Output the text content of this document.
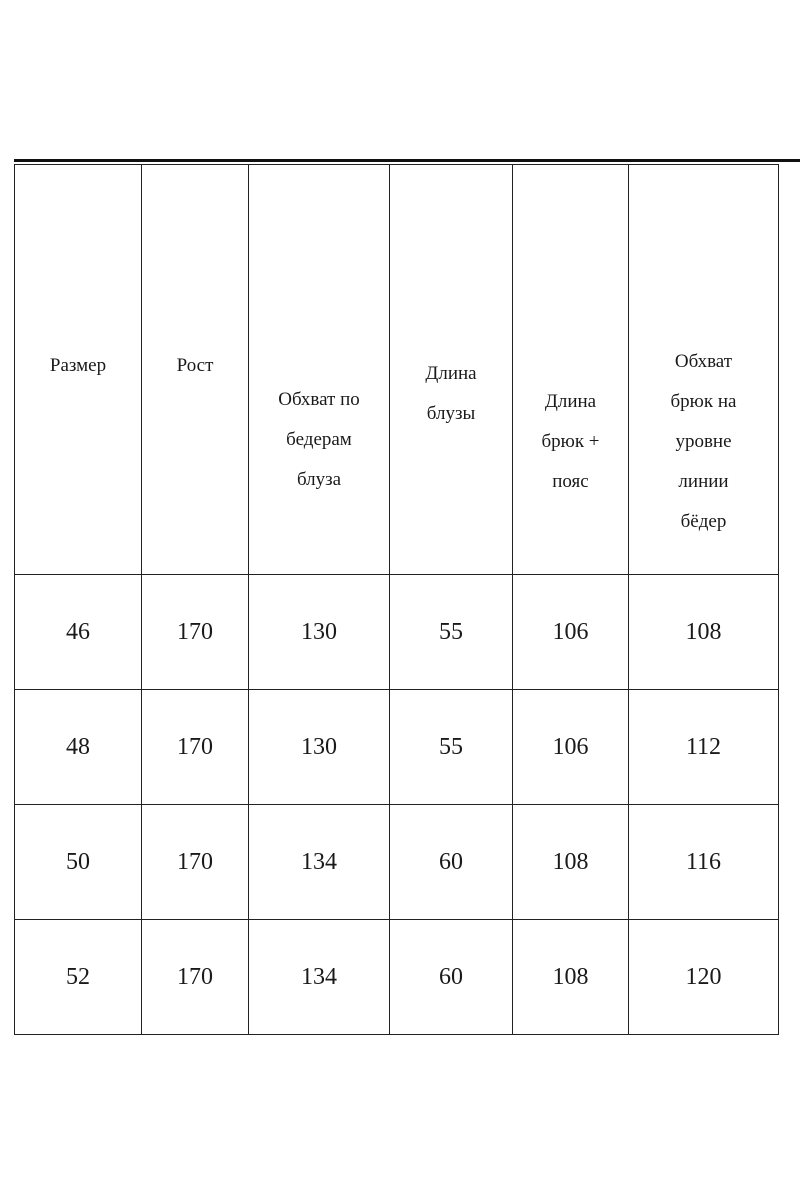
Размер	Рост	Обхват по бедерам блуза	Длина блузы	Длина брюк + пояс	Обхват брюк на уровне линии бёдер
46	170	130	55	106	108
48	170	130	55	106	112
50	170	134	60	108	116
52	170	134	60	108	120
